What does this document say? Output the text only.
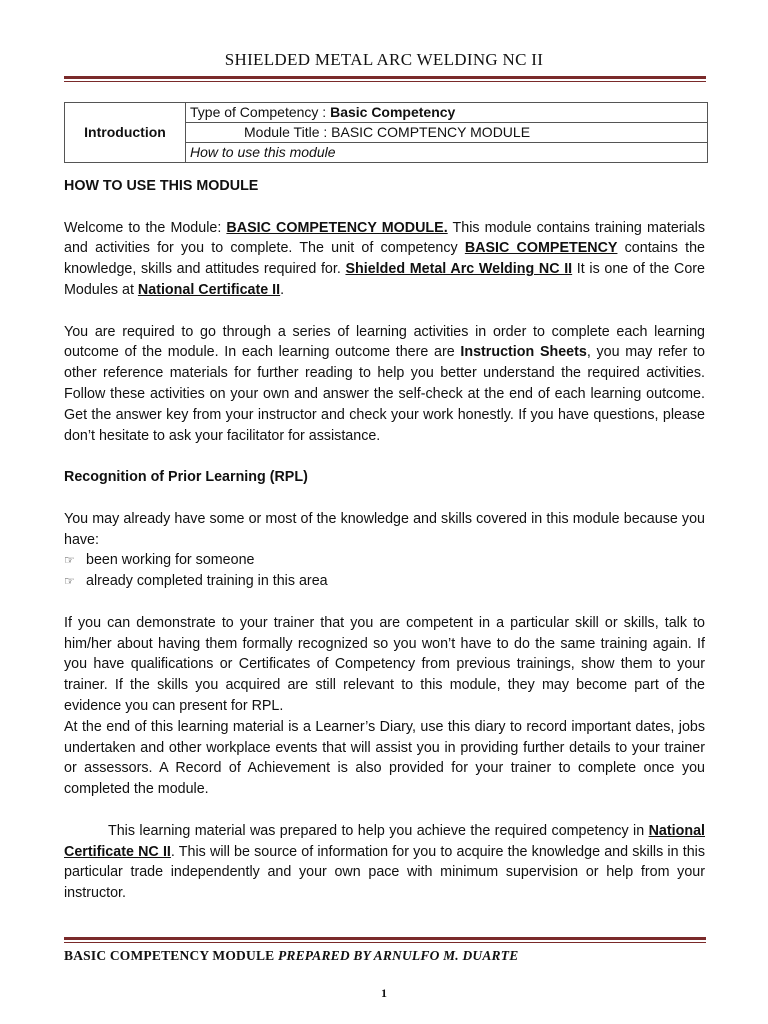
SHIELDED METAL ARC WELDING NC II
Introduction	Type of Competency : Basic Competency
Module Title : BASIC COMPTENCY MODULE
How to use this module
HOW TO USE THIS MODULE

Welcome to the Module: BASIC COMPETENCY MODULE. This module contains training materials and activities for you to complete. The unit of competency BASIC COMPETENCY contains the knowledge, skills and attitudes required for. Shielded Metal Arc Welding NC II It is one of the Core Modules at National Certificate II.

You are required to go through a series of learning activities in order to complete each learning outcome of the module. In each learning outcome there are Instruction Sheets, you may refer to other reference materials for further reading to help you better understand the required activities. Follow these activities on your own and answer the self-check at the end of each learning outcome. Get the answer key from your instructor and check your work honestly. If you have questions, please don’t hesitate to ask your facilitator for assistance.

Recognition of Prior Learning (RPL)

You may already have some or most of the knowledge and skills covered in this module because you have:

☞ been working for someone
☞ already completed training in this area

If you can demonstrate to your trainer that you are competent in a particular skill or skills, talk to him/her about having them formally recognized so you won’t have to do the same training again. If you have qualifications or Certificates of Competency from previous trainings, show them to your trainer. If the skills you acquired are still relevant to this module, they may become part of the evidence you can present for RPL.

At the end of this learning material is a Learner’s Diary, use this diary to record important dates, jobs undertaken and other workplace events that will assist you in providing further details to your trainer or assessors. A Record of Achievement is also provided for your trainer to complete once you completed the module.

This learning material was prepared to help you achieve the required competency in National Certificate NC II. This will be source of information for you to acquire the knowledge and skills in this particular trade independently and your own pace with minimum supervision or help from your instructor.

BASIC COMPETENCY MODULE PREPARED BY ARNULFO M. DUARTE
1
